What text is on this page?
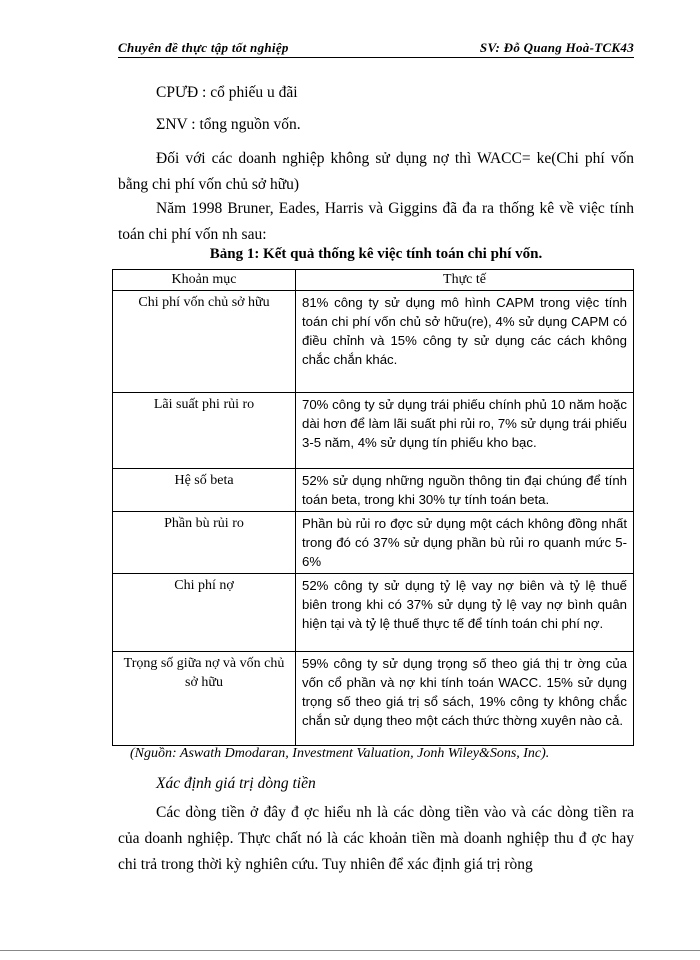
Chuyên đề thực tập tốt nghiệp	SV: Đỗ Quang Hoà-TCK43
CPƯĐ : cổ phiếu u đãi
ΣNV : tổng nguồn vốn.
Đối với các doanh nghiệp không sử dụng nợ thì WACC= ke(Chi phí vốn bằng chi phí vốn chủ sở hữu)
Năm 1998 Bruner, Eades, Harris và Giggins đã đa ra thống kê về việc tính toán chi phí vốn nh sau:
Bảng 1: Kết quả thống kê việc tính toán chi phí vốn.
Khoản mục	Thực tế
Chi phí vốn chủ sở hữu	81% công ty sử dụng mô hình CAPM trong việc tính toán chi phí vốn chủ sở hữu(re), 4% sử dụng CAPM có điều chỉnh và 15% công ty sử dụng các cách không chắc chắn khác.
Lãi suất phi rủi ro	70% công ty sử dụng trái phiếu chính phủ 10 năm hoặc dài hơn để làm lãi suất phi rủi ro, 7% sử dụng trái phiếu 3-5 năm, 4% sử dụng tín phiếu kho bạc.
Hệ số beta	52% sử dụng những nguồn thông tin đại chúng để tính toán beta, trong khi 30% tự tính toán beta.
Phần bù rủi ro	Phần bù rủi ro đợc sử dụng một cách không đồng nhất trong đó có 37% sử dụng phần bù rủi ro quanh mức 5-6%
Chi phí nợ	52% công ty sử dụng tỷ lệ vay nợ biên và tỷ lệ thuế biên trong khi có 37% sử dụng tỷ lệ vay nợ bình quân hiện tại và tỷ lệ thuế thực tế để tính toán chi phí nợ.
Trọng số giữa nợ và vốn chủ sở hữu	59% công ty sử dụng trọng số theo giá thị tr ờng của vốn cổ phần và nợ khi tính toán WACC. 15% sử dụng trọng số theo giá trị sổ sách, 19% công ty không chắc chắn sử dụng theo một cách thức thờng xuyên nào cả.
(Nguồn: Aswath Dmodaran, Investment Valuation, Jonh Wiley&Sons, Inc).
Xác định giá trị dòng tiền
Các dòng tiền ở đây đ ợc hiểu nh là các dòng tiền vào và các dòng tiền ra của doanh nghiệp. Thực chất nó là các khoản tiền mà doanh nghiệp thu đ ợc hay chi trả trong thời kỳ nghiên cứu. Tuy nhiên để xác định giá trị ròng
